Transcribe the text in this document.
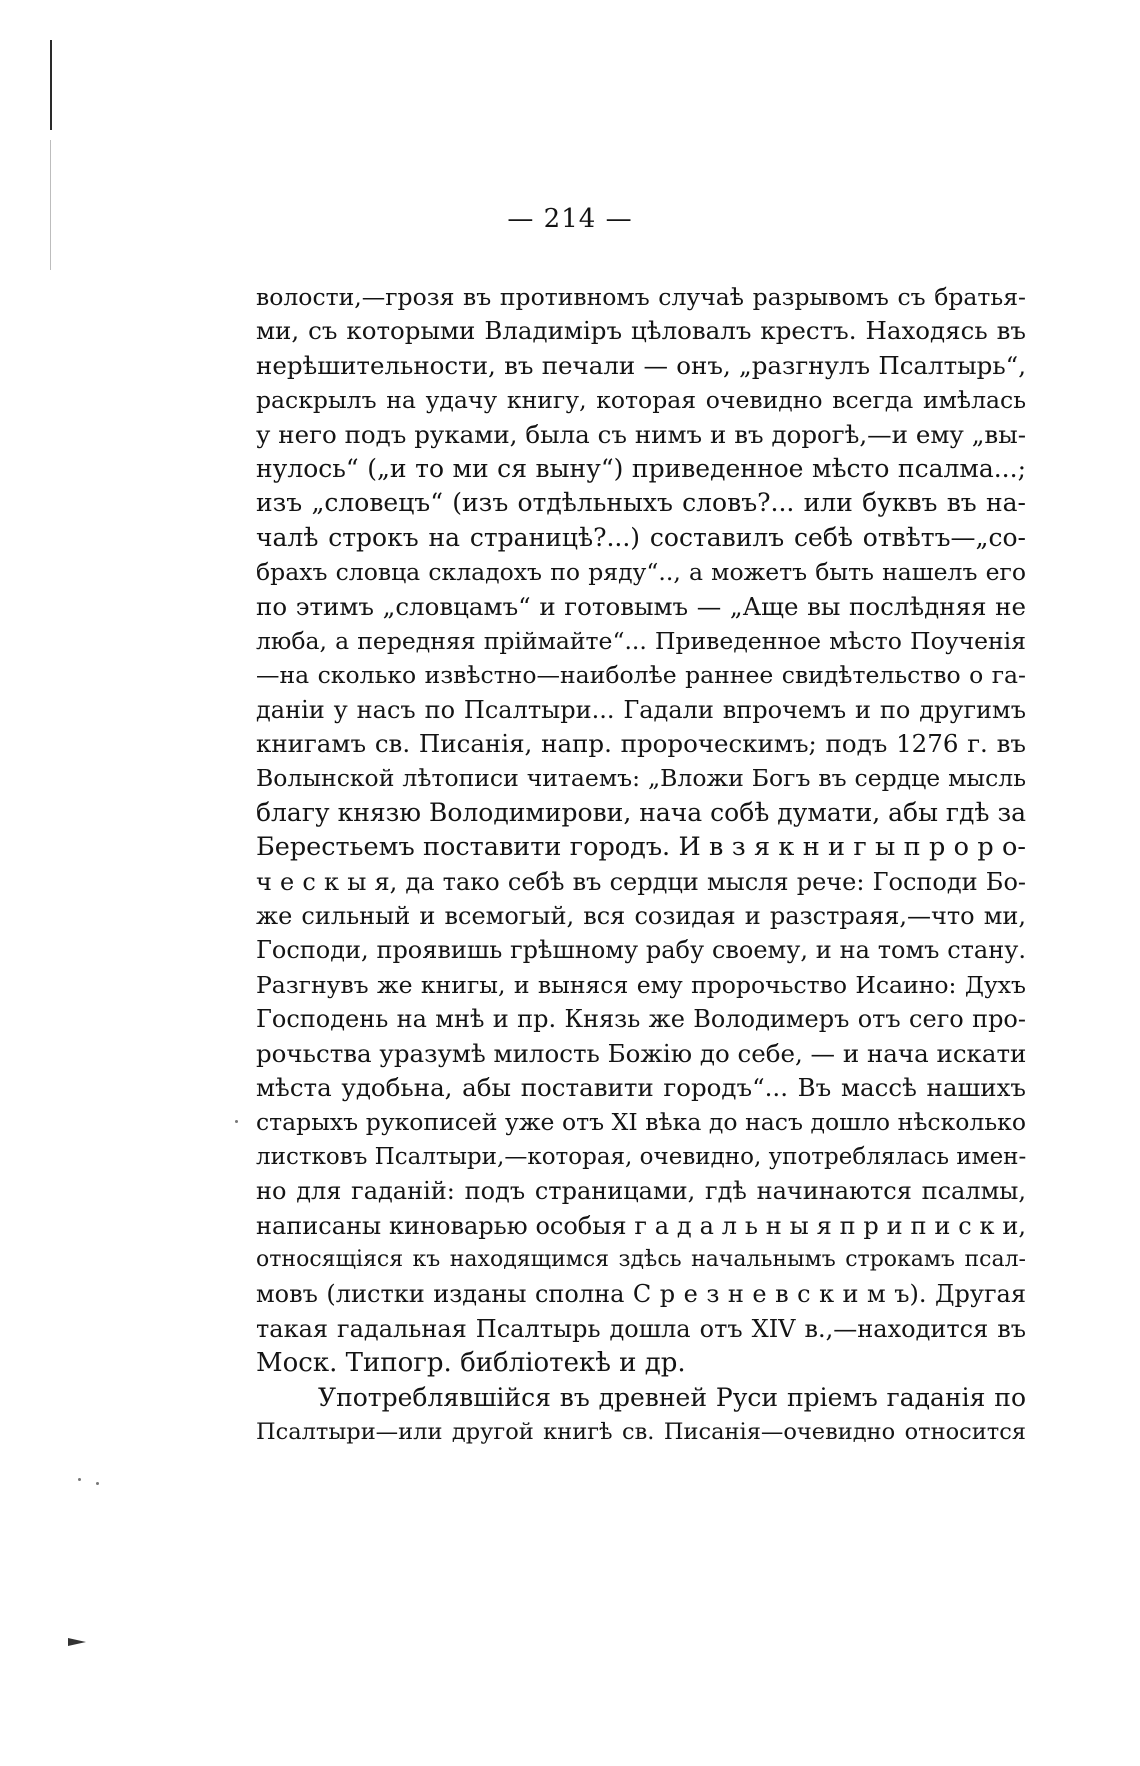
— 214 —
волости,—грозя въ противномъ случаѣ разрывомъ съ братья-
ми, съ которыми Владиміръ цѣловалъ крестъ. Находясь въ
нерѣшительности, въ печали — онъ, „разгнулъ Псалтырь“,
раскрылъ на удачу книгу, которая очевидно всегда имѣлась
у него подъ руками, была съ нимъ и въ дорогѣ,—и ему „вы-
нулось“ („и то ми ся выну“) приведенное мѣсто псалма...;
изъ „словецъ“ (изъ отдѣльныхъ словъ?... или буквъ въ на-
чалѣ строкъ на страницѣ?...) составилъ себѣ отвѣтъ—„со-
брахъ словца складохъ по ряду“.., а можетъ быть нашелъ его
по этимъ „словцамъ“ и готовымъ — „Аще вы послѣдняя не
люба, а передняя пріймайте“... Приведенное мѣсто Поученія
—на сколько извѣстно—наиболѣе раннее свидѣтельство о га-
даніи у насъ по Псалтыри... Гадали впрочемъ и по другимъ
книгамъ св. Писанія, напр. пророческимъ; подъ 1276 г. въ
Волынской лѣтописи читаемъ: „Вложи Богъ въ сердце мысль
благу князю Володимирови, нача собѣ думати, абы гдѣ за
Берестьемъ поставити городъ. И в з я к н и г ы п р о р о-
ч е с к ы я, да тако себѣ въ сердци мысля рече: Господи Бо-
же сильный и всемогый, вся созидая и разстраяя,—что ми,
Господи, проявишь грѣшному рабу своему, и на томъ стану.
Разгнувъ же книгы, и выняся ему пророчьство Исаино: Духъ
Господень на мнѣ и пр. Князь же Володимеръ отъ сего про-
рочьства уразумѣ милость Божію до себе, — и нача искати
мѣста удобьна, абы поставити городъ“... Въ массѣ нашихъ
старыхъ рукописей уже отъ XI вѣка до насъ дошло нѣсколько
листковъ Псалтыри,—которая, очевидно, употреблялась имен-
но для гаданій: подъ страницами, гдѣ начинаются псалмы,
написаны киноварью особыя г а д а л ь н ы я п р и п и с к и,
относящіяся къ находящимся здѣсь начальнымъ строкамъ псал-
мовъ (листки изданы сполна С р е з н е в с к и м ъ). Другая
такая гадальная Псалтырь дошла отъ XIV в.,—находится въ
Моск. Типогр. библіотекѣ и др.
Употреблявшійся въ древней Руси пріемъ гаданія по
Псалтыри—или другой книгѣ св. Писанія—очевидно относится
